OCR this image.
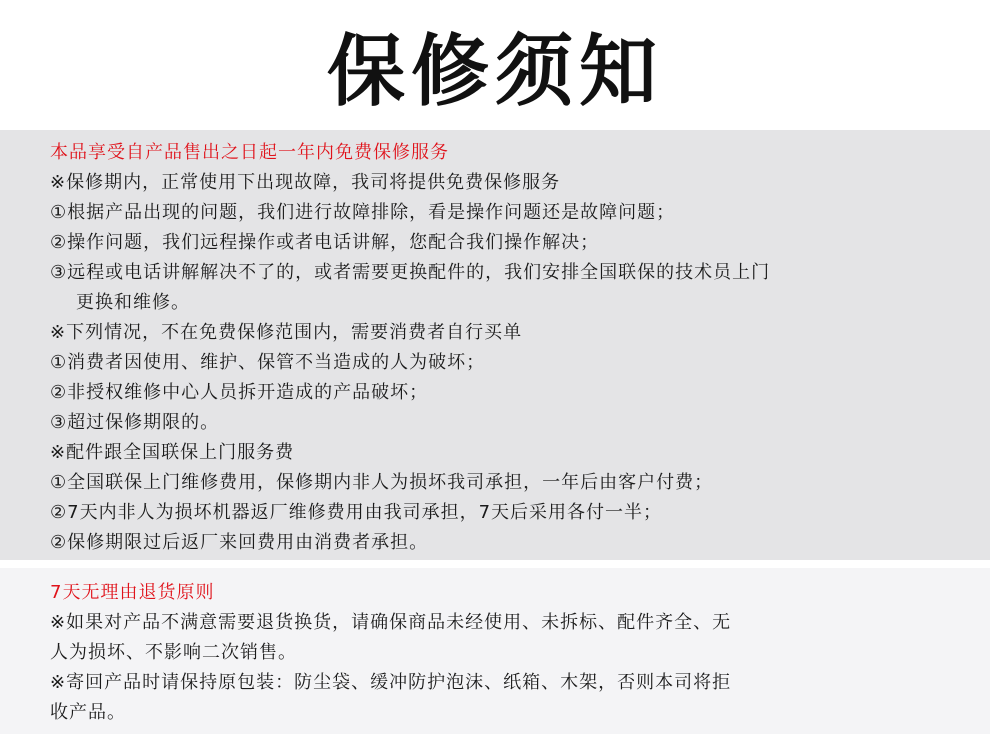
保修须知
本品享受自产品售出之日起一年内免费保修服务
※保修期内，正常使用下出现故障，我司将提供免费保修服务
①根据产品出现的问题，我们进行故障排除，看是操作问题还是故障问题；
②操作问题，我们远程操作或者电话讲解，您配合我们操作解决；
③远程或电话讲解解决不了的，或者需要更换配件的，我们安排全国联保的技术员上门
更换和维修。
※下列情况，不在免费保修范围内，需要消费者自行买单
①消费者因使用、维护、保管不当造成的人为破坏；
②非授权维修中心人员拆开造成的产品破坏；
③超过保修期限的。
※配件跟全国联保上门服务费
①全国联保上门维修费用，保修期内非人为损坏我司承担，一年后由客户付费；
②7天内非人为损坏机器返厂维修费用由我司承担，7天后采用各付一半；
②保修期限过后返厂来回费用由消费者承担。
7天无理由退货原则
※如果对产品不满意需要退货换货，请确保商品未经使用、未拆标、配件齐全、无
人为损坏、不影响二次销售。
※寄回产品时请保持原包装：防尘袋、缓冲防护泡沫、纸箱、木架，否则本司将拒
收产品。
